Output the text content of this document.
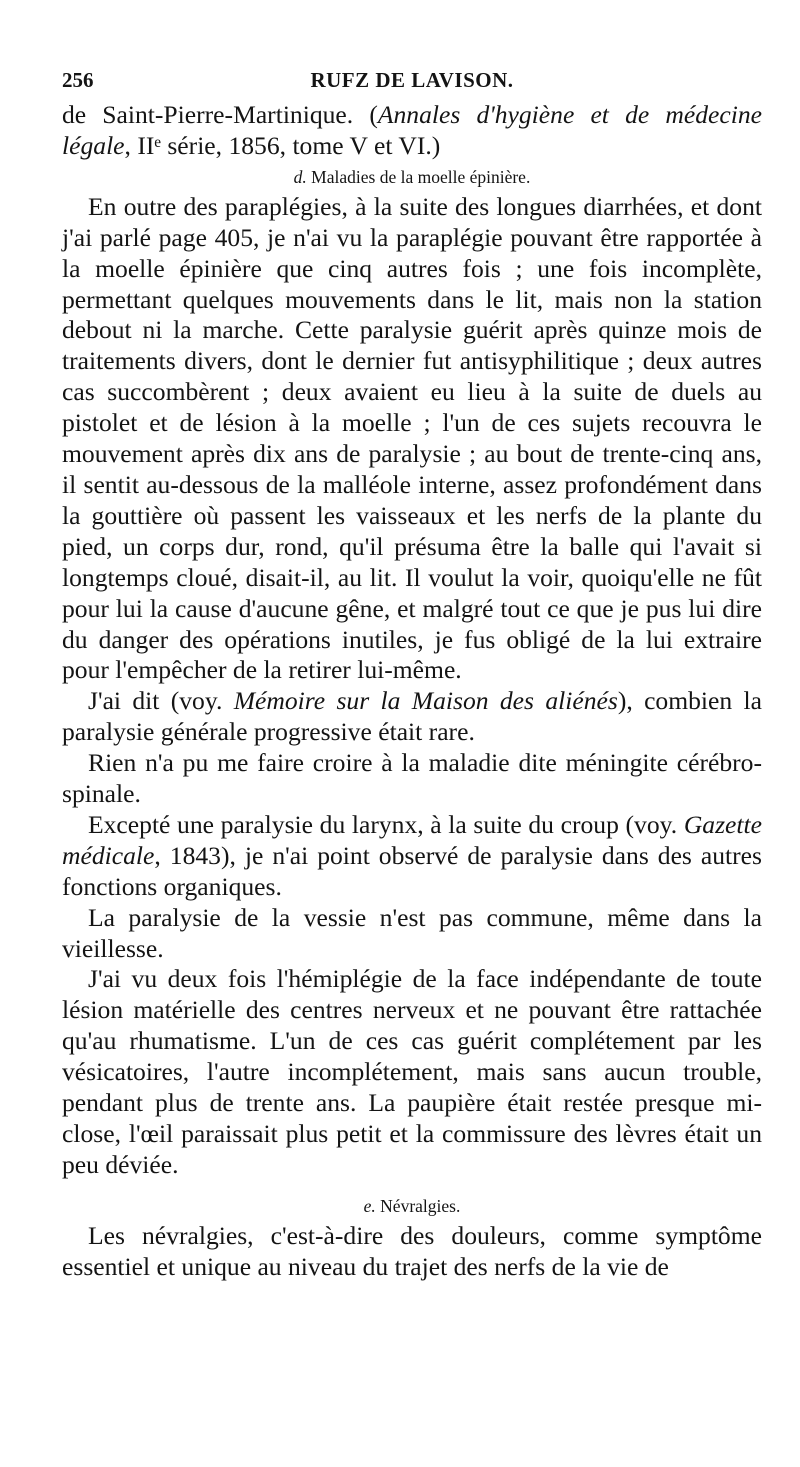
256	RUFZ DE LAVISON.

de Saint-Pierre-Martinique. (Annales d'hygiène et de médecine légale, IIᵉ série, 1856, tome V et VI.)

d. Maladies de la moelle épinière.

En outre des paraplégies, à la suite des longues diarrhées, et dont j'ai parlé page 405, je n'ai vu la paraplégie pouvant être rapportée à la moelle épinière que cinq autres fois ; une fois incomplète, permettant quelques mouvements dans le lit, mais non la station debout ni la marche. Cette paralysie guérit après quinze mois de traitements divers, dont le dernier fut antisyphilitique ; deux autres cas succombèrent ; deux avaient eu lieu à la suite de duels au pistolet et de lésion à la moelle ; l'un de ces sujets recouvra le mouvement après dix ans de paralysie ; au bout de trente-cinq ans, il sentit au-dessous de la malléole interne, assez profondément dans la gouttière où passent les vaisseaux et les nerfs de la plante du pied, un corps dur, rond, qu'il présuma être la balle qui l'avait si longtemps cloué, disait-il, au lit. Il voulut la voir, quoiqu'elle ne fût pour lui la cause d'aucune gêne, et malgré tout ce que je pus lui dire du danger des opérations inutiles, je fus obligé de la lui extraire pour l'empêcher de la retirer lui-même.

J'ai dit (voy. Mémoire sur la Maison des aliénés), combien la paralysie générale progressive était rare.

Rien n'a pu me faire croire à la maladie dite méningite cérébro-spinale.

Excepté une paralysie du larynx, à la suite du croup (voy. Gazette médicale, 1843), je n'ai point observé de paralysie dans des autres fonctions organiques.

La paralysie de la vessie n'est pas commune, même dans la vieillesse.

J'ai vu deux fois l'hémiplégie de la face indépendante de toute lésion matérielle des centres nerveux et ne pouvant être rattachée qu'au rhumatisme. L'un de ces cas guérit complétement par les vésicatoires, l'autre incomplétement, mais sans aucun trouble, pendant plus de trente ans. La paupière était restée presque mi-close, l'œil paraissait plus petit et la commissure des lèvres était un peu déviée.

e. Névralgies.

Les névralgies, c'est-à-dire des douleurs, comme symptôme essentiel et unique au niveau du trajet des nerfs de la vie de
